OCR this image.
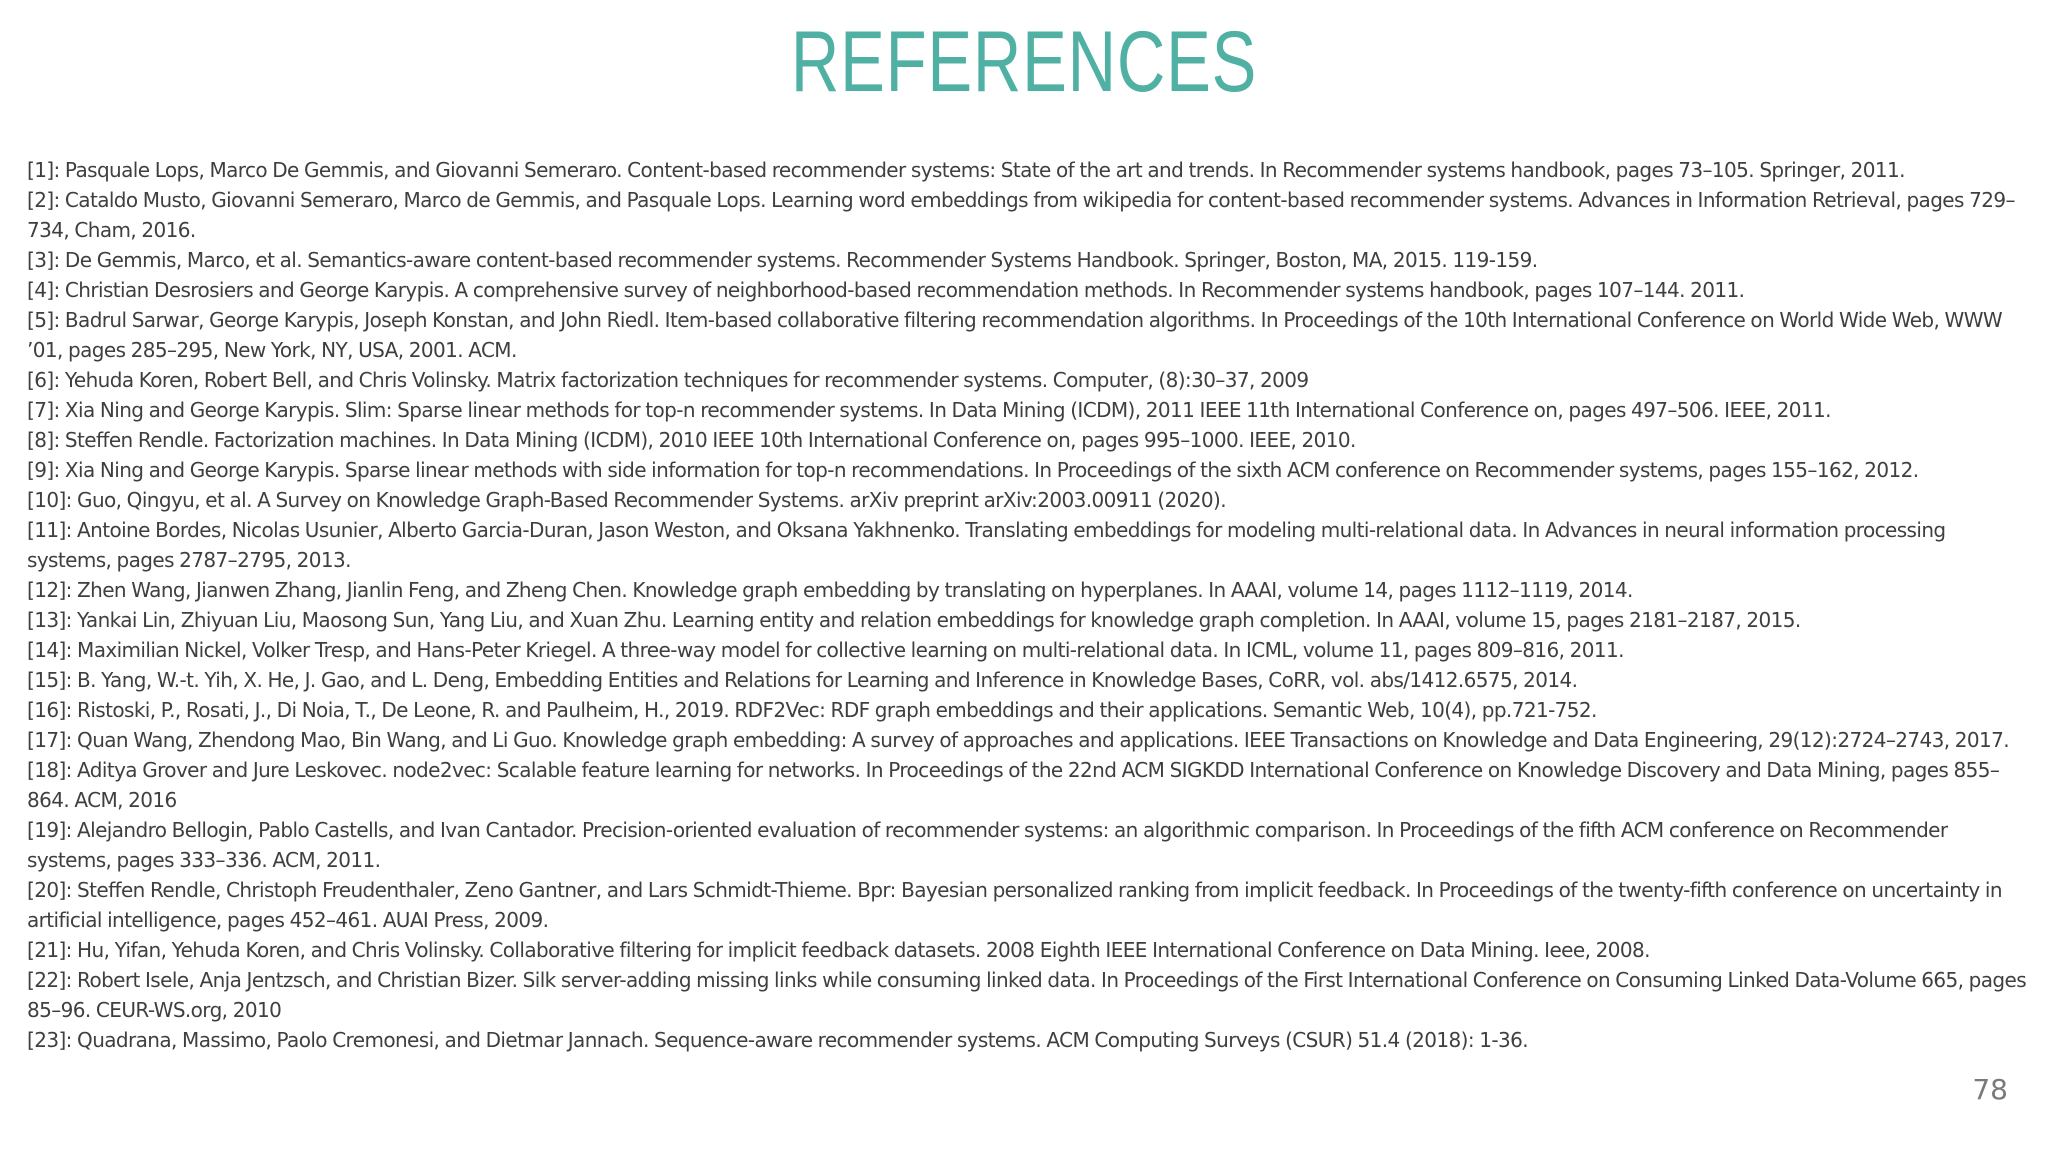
REFERENCES
[1]: Pasquale Lops, Marco De Gemmis, and Giovanni Semeraro. Content-based recommender systems: State of the art and trends. In Recommender systems handbook, pages 73–105. Springer, 2011.
[2]: Cataldo Musto, Giovanni Semeraro, Marco de Gemmis, and Pasquale Lops. Learning word embeddings from wikipedia for content-based recommender systems. Advances in Information Retrieval, pages 729–734, Cham, 2016.
[3]: De Gemmis, Marco, et al. Semantics-aware content-based recommender systems. Recommender Systems Handbook. Springer, Boston, MA, 2015. 119-159.
[4]: Christian Desrosiers and George Karypis. A comprehensive survey of neighborhood-based recommendation methods. In Recommender systems handbook, pages 107–144. 2011.
[5]: Badrul Sarwar, George Karypis, Joseph Konstan, and John Riedl. Item-based collaborative filtering recommendation algorithms. In Proceedings of the 10th International Conference on World Wide Web, WWW ’01, pages 285–295, New York, NY, USA, 2001. ACM.
[6]: Yehuda Koren, Robert Bell, and Chris Volinsky. Matrix factorization techniques for recommender systems. Computer, (8):30–37, 2009
[7]: Xia Ning and George Karypis. Slim: Sparse linear methods for top-n recommender systems. In Data Mining (ICDM), 2011 IEEE 11th International Conference on, pages 497–506. IEEE, 2011.
[8]: Steffen Rendle. Factorization machines. In Data Mining (ICDM), 2010 IEEE 10th International Conference on, pages 995–1000. IEEE, 2010.
[9]: Xia Ning and George Karypis. Sparse linear methods with side information for top-n recommendations. In Proceedings of the sixth ACM conference on Recommender systems, pages 155–162, 2012.
[10]: Guo, Qingyu, et al. A Survey on Knowledge Graph-Based Recommender Systems. arXiv preprint arXiv:2003.00911 (2020).
[11]: Antoine Bordes, Nicolas Usunier, Alberto Garcia-Duran, Jason Weston, and Oksana Yakhnenko. Translating embeddings for modeling multi-relational data. In Advances in neural information processing systems, pages 2787–2795, 2013.
[12]: Zhen Wang, Jianwen Zhang, Jianlin Feng, and Zheng Chen. Knowledge graph embedding by translating on hyperplanes. In AAAI, volume 14, pages 1112–1119, 2014.
[13]: Yankai Lin, Zhiyuan Liu, Maosong Sun, Yang Liu, and Xuan Zhu. Learning entity and relation embeddings for knowledge graph completion. In AAAI, volume 15, pages 2181–2187, 2015.
[14]: Maximilian Nickel, Volker Tresp, and Hans-Peter Kriegel. A three-way model for collective learning on multi-relational data. In ICML, volume 11, pages 809–816, 2011.
[15]: B. Yang, W.-t. Yih, X. He, J. Gao, and L. Deng, Embedding Entities and Relations for Learning and Inference in Knowledge Bases, CoRR, vol. abs/1412.6575, 2014.
[16]: Ristoski, P., Rosati, J., Di Noia, T., De Leone, R. and Paulheim, H., 2019. RDF2Vec: RDF graph embeddings and their applications. Semantic Web, 10(4), pp.721-752.
[17]: Quan Wang, Zhendong Mao, Bin Wang, and Li Guo. Knowledge graph embedding: A survey of approaches and applications. IEEE Transactions on Knowledge and Data Engineering, 29(12):2724–2743, 2017.
[18]: Aditya Grover and Jure Leskovec. node2vec: Scalable feature learning for networks. In Proceedings of the 22nd ACM SIGKDD International Conference on Knowledge Discovery and Data Mining, pages 855–864. ACM, 2016
[19]: Alejandro Bellogin, Pablo Castells, and Ivan Cantador. Precision-oriented evaluation of recommender systems: an algorithmic comparison. In Proceedings of the fifth ACM conference on Recommender systems, pages 333–336. ACM, 2011.
[20]: Steffen Rendle, Christoph Freudenthaler, Zeno Gantner, and Lars Schmidt-Thieme. Bpr: Bayesian personalized ranking from implicit feedback. In Proceedings of the twenty-fifth conference on uncertainty in artificial intelligence, pages 452–461. AUAI Press, 2009.
[21]: Hu, Yifan, Yehuda Koren, and Chris Volinsky. Collaborative filtering for implicit feedback datasets. 2008 Eighth IEEE International Conference on Data Mining. Ieee, 2008.
[22]: Robert Isele, Anja Jentzsch, and Christian Bizer. Silk server-adding missing links while consuming linked data. In Proceedings of the First International Conference on Consuming Linked Data-Volume 665, pages 85–96. CEUR-WS.org, 2010
[23]: Quadrana, Massimo, Paolo Cremonesi, and Dietmar Jannach. Sequence-aware recommender systems. ACM Computing Surveys (CSUR) 51.4 (2018): 1-36.
78
